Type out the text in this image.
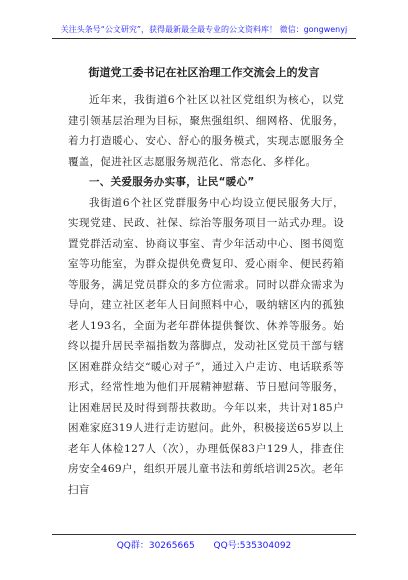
关注头条号“公文研究”，获得最新最全最专业的公文资料库！ 微信：gongwenyj
街道党工委书记在社区治理工作交流会上的发言

近年来，我街道6个社区以社区党组织为核心，以党建引领基层治理为目标，聚焦强组织、细网格、优服务，着力打造暖心、安心、舒心的服务模式，实现志愿服务全覆盖，促进社区志愿服务规范化、常态化、多样化。

一、关爱服务办实事，让民“暖心”

我街道6个社区党群服务中心均设立便民服务大厅，实现党建、民政、社保、综治等服务项目一站式办理。设置党群活动室、协商议事室、青少年活动中心、图书阅览室等功能室，为群众提供免费复印、爱心雨伞、便民药箱等服务，满足党员群众的多方位需求。同时以群众需求为导向，建立社区老年人日间照料中心，吸纳辖区内的孤独老人193名，全面为老年群体提供餐饮、休养等服务。始终以提升居民幸福指数为落脚点，发动社区党员干部与辖区困难群众结交“暖心对子”，通过入户走访、电话联系等形式，经常性地为他们开展精神慰藉、节日慰问等服务，让困难居民及时得到帮扶救助。今年以来，共计对185户困难家庭319人进行走访慰问。此外，积极接送65岁以上老年人体检127人（次），办理低保83户129人，排查住房安全469户，组织开展儿童书法和剪纸培训25次。老年扫盲

QQ群：30265665 QQ号:535304092
